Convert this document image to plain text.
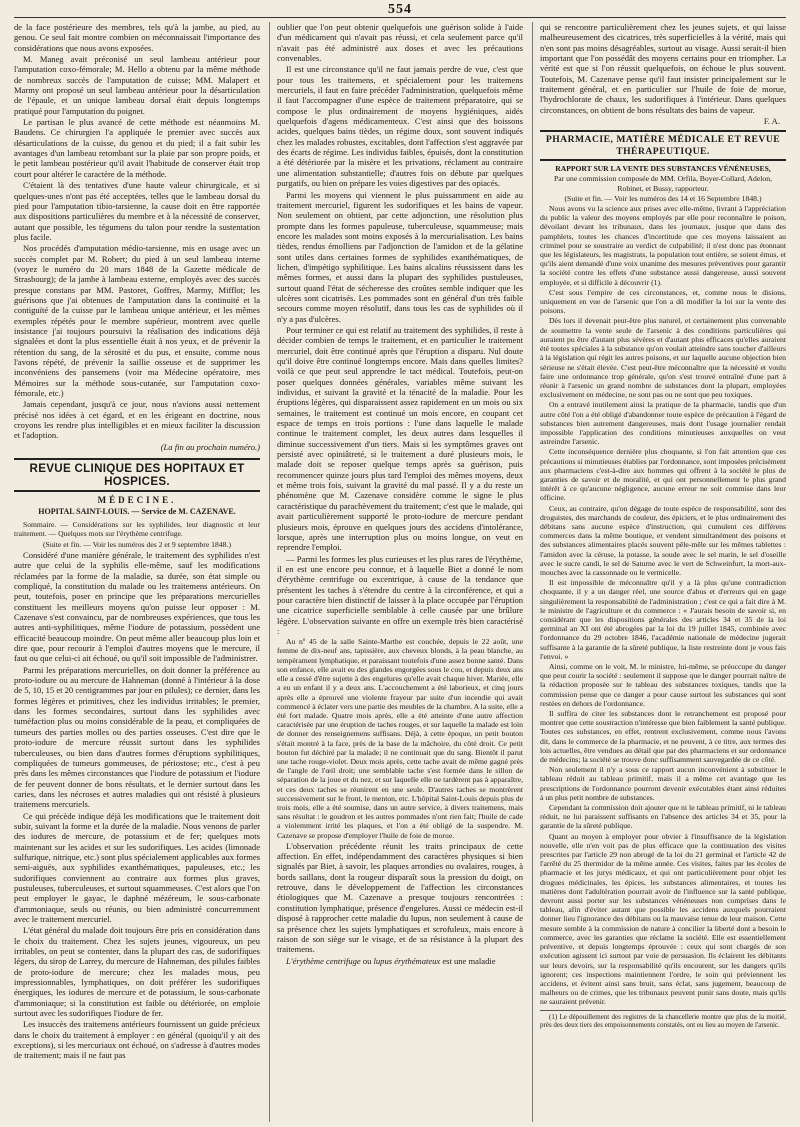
554

de la face postérieure des membres, tels qu'à la jambe, au pied, au genou. Ce seul fait montre combien on méconnaissait l'importance des considérations que nous avons exposées.

M. Maneg avait préconisé un seul lambeau antérieur pour l'amputation coxo-fémorale; M. Hello a obtenu par la même méthode de nombreux succès de l'amputation de cuisse; MM. Malapert et Marmy ont proposé un seul lambeau antérieur pour la désarticulation de l'épaule, et un unique lambeau dorsal était depuis longtemps pratiqué pour l'amputation du poignet.

Le partisan le plus avancé de cette méthode est néanmoins M. Baudens. Ce chirurgien l'a appliquée le premier avec succès aux désarticulations de la cuisse, du genou et du pied; il a fait subir les avantages d'un lambeau retombant sur la plaie par son propre poids, et le petit lambeau postérieur qu'il avait l'habitude de conserver était trop court pour altérer le caractère de la méthode.

C'étaient là des tentatives d'une haute valeur chirurgicale, et si quelques-unes n'ont pas été acceptées, telles que le lambeau dorsal du pied pour l'amputation tibio-tarsienne, la cause doit en être rapportée aux dispositions particulières du membre et à la nécessité de conserver, autant que possible, les tégumens du talon pour rendre la sustentation plus facile.

Nos procédés d'amputation médio-tarsienne, mis en usage avec un succès complet par M. Robert; du pied à un seul lambeau interne (voyez le numéro du 20 mars 1848 de la Gazette médicale de Strasbourg); de la jambe à lambeau externe, employés avec des succès presque constans par MM. Pastoret, Goffres, Marmy, Mifflot; les guérisons que j'ai obtenues de l'amputation dans la continuité et la contiguïté de la cuisse par le lambeau unique antérieur, et les mêmes exemples répétés pour le membre supérieur, montrent avec quelle insistance j'ai toujours poursuivi la réalisation des indications déjà signalées et dont la plus essentielle était à nos yeux, et de prévenir la rétention du sang, de la sérosité et du pus, et ensuite, comme nous l'avons répété, de prévenir la saillie osseuse et de supprimer les inconvéniens des pansemens (voir ma Médecine opératoire, mes Mémoires sur la méthode sous-cutanée, sur l'amputation coxo-fémorale, etc.)

Jamais cependant, jusqu'à ce jour, nous n'avions aussi nettement précisé nos idées à cet égard, et en les érigeant en doctrine, nous croyons les rendre plus intelligibles et en mieux faciliter la discussion et l'adoption.

(La fin au prochain numéro.)

REVUE CLINIQUE DES HOPITAUX ET HOSPICES.
MÉDECINE.
HOPITAL SAINT-LOUIS. — Service de M. CAZENAVE.

Sommaire. — Considérations sur les syphilides, leur diagnostic et leur traitement. — Quelques mots sur l'érythème centrifuge.

(Suite et fin. — Voir les numéros des 2 et 9 septembre 1848.)

Considéré d'une manière générale, le traitement des syphilides n'est autre que celui de la syphilis elle-même, sauf les modifications réclamées par la forme de la maladie, sa durée, son état simple ou compliqué, la constitution du malade ou les traitemens antérieurs. On peut, toutefois, poser en principe que les préparations mercurielles constituent les meilleurs moyens qu'on puisse leur opposer : M. Cazenave s'est convaincu, par de nombreuses expériences, que tous les autres anti-syphilitiques, même l'iodure de potassium, possèdent une efficacité beaucoup moindre. On peut même aller beaucoup plus loin et dire que, pour recourir à l'emploi d'autres moyens que le mercure, il faut ou que celui-ci ait échoué, ou qu'il soit impossible de l'administrer.

Parmi les préparations mercurielles, on doit donner la préférence au proto-iodure ou au mercure de Hahneman (donné à l'intérieur à la dose de 5, 10, 15 et 20 centigrammes par jour en pilules); ce dernier, dans les formes légères et primitives, chez les individus irritables; le premier, dans les formes secondaires, surtout dans les syphilides avec tuméfaction plus ou moins considérable de la peau, et compliquées de tumeurs des parties molles ou des parties osseuses. C'est dire que le proto-iodure de mercure réussit surtout dans les syphilides tuberculeuses, ou bien dans d'autres formes d'éruptions syphilitiques, compliquées de tumeurs gommeuses, de périostose; etc., c'est à peu près dans les mêmes circonstances que l'iodure de potassium et l'iodure de fer peuvent donner de bons résultats, et le dernier surtout dans les caries, dans les nécroses et autres maladies qui ont résisté à plusieurs traitemens mercuriels.

Ce qui précède indique déjà les modifications que le traitement doit subir, suivant la forme et la durée de la maladie. Nous venons de parler des iodures de mercure, de potassium et de fer; quelques mots maintenant sur les acides et sur les sudorifiques. Les acides (limonade sulfurique, nitrique, etc.) sont plus spécialement applicables aux formes semi-aiguës, aux syphilides exanthématiques, papuleuses, etc.; les sudorifiques conviennent au contraire aux formes plus graves, pustuleuses, tuberculeuses, et surtout squammeuses. C'est alors que l'on peut employer le gayac, le daphné mézéreum, le sous-carbonate d'ammoniaque, seuls ou réunis, ou bien administré concurremment avec le traitement mercuriel.

L'état général du malade doit toujours être pris en considération dans le choix du traitement. Chez les sujets jeunes, vigoureux, un peu irritables, on peut se contenter, dans la plupart des cas, de sudorifiques légers, du sirop de Larrey, du mercure de Hahneman, des pilules faibles de proto-iodure de mercure; chez les malades mous, peu impressionnables, lymphatiques, on doit préférer les sudorifiques énergiques, les iodures de mercure et de potassium, le sous-carbonate d'ammoniaque; si la constitution est faible ou détériorée, on emploie surtout avec les sudorifiques l'iodure de fer.

Les insuccès des traitemens antérieurs fournissent un guide précieux dans le choix du traitement à employer : en général (quoiqu'il y ait des exceptions), si les mercuriaux ont échoué, on s'adresse à d'autres modes de traitement; mais il ne faut pas

oublier que l'on peut obtenir quelquefois une guérison solide à l'aide d'un médicament qui n'avait pas réussi, et cela seulement parce qu'il n'avait pas été administré aux doses et avec les précautions convenables.

Il est une circonstance qu'il ne faut jamais perdre de vue, c'est que pour tous les traitemens, et spécialement pour les traitemens mercuriels, il faut en faire précéder l'administration, quelquefois même il faut l'accompagner d'une espèce de traitement préparatoire, qui se compose le plus ordinairement de moyens hygiéniques, aidés quelquefois d'agens médicamenteux. C'est ainsi que des boissons acides, quelques bains tièdes, un régime doux, sont souvent indiqués chez les malades robustes, excitables, dont l'affection s'est aggravée par des écarts de régime. Les individus faibles, épuisés, dont la constitution a été détériorée par la misère et les privations, réclament au contraire une alimentation substantielle; d'autres fois on débute par quelques purgatifs, ou bien on prépare les voies digestives par des opiacés.

Parmi les moyens qui viennent le plus puissamment en aide au traitement mercuriel, figurent les sudorifiques et les bains de vapeur. Non seulement on obtient, par cette adjonction, une résolution plus prompte dans les formes papuleuse, tuberculeuse, squammeuse; mais encore les malades sont moins exposés à la mercurialisation. Les bains tièdes, rendus émolliens par l'adjonction de l'amidon et de la gélatine sont utiles dans certaines formes de syphilides exanthématiques, de lichen, d'impétigo syphilitique. Les bains alcalins réussissent dans les mêmes formes, et aussi dans la plupart des syphilides pustuleuses, surtout quand l'état de sécheresse des croûtes semble indiquer que les ulcères sont cicatrisés. Les pommades sont en général d'un très faible secours comme moyen résolutif, dans tous les cas de syphilides où il n'y a pas d'ulcères.

Pour terminer ce qui est relatif au traitement des syphilides, il reste à décider combien de temps le traitement, et en particulier le traitement mercuriel, doit être continué après que l'éruption a disparu. Nul doute qu'il doive être continué longtemps encore. Mais dans quelles limites? voilà ce que peut seul apprendre le tact médical. Toutefois, peut-on poser quelques données générales, variables même suivant les individus, et suivant la gravité et la ténacité de la maladie. Pour les éruptions légères, qui disparaissent assez rapidement en un mois ou six semaines, le traitement est continué un mois encore, en coupant cet espace de temps en trois portions : l'une dans laquelle le malade continue le traitement complet, les deux autres dans lesquelles il diminue successivement d'un tiers. Mais si les symptômes graves ont persisté avec opiniâtreté, si le traitement a duré plusieurs mois, le malade doit se reposer quelque temps après sa guérison, puis recommencer quinze jours plus tard l'emploi des mêmes moyens, deux et même trois fois, suivant la gravité du mal passé. Il y a du reste un phénomène que M. Cazenave considère comme le signe le plus caractéristique du parachèvement du traitement; c'est que le malade, qui avait particulièrement supporté le proto-iodure de mercure pendant plusieurs mois, éprouve en quelques jours des accidens d'intolérance, lorsque, après une interruption plus ou moins longue, on veut en reprendre l'emploi.

— Parmi les formes les plus curieuses et les plus rares de l'érythème, il en est une encore peu connue, et à laquelle Biet a donné le nom d'érythème centrifuge ou excentrique, à cause de la tendance que présentent les taches à s'étendre du centre à la circonférence, et qui a pour caractère bien distinctif de laisser à la place occupée par l'éruption une cicatrice superficielle semblable à celle causée par une brûlure légère. L'observation suivante en offre un exemple très bien caractérisé :

Au nº 45 de la salle Sainte-Marthe est couchée, depuis le 22 août, une femme de dix-neuf ans, tapissière, aux cheveux blonds, à la peau blanche, au tempérament lymphatique, et paraissant toutefois d'une assez bonne santé. Dans son enfance, elle avait eu des glandes engorgées sous le cou, et depuis deux ans elle a cessé d'être sujette à des engelures qu'elle avait chaque hiver. Mariée, elle a eu un enfant il y a deux ans. L'accouchement a été laborieux, et cinq jours après elle a éprouvé une violente frayeur par suite d'un incendie qui avait commencé à éclater vers une partie des meubles de la chambre. A la suite, elle a été fort malade. Quatre mois après, elle a été atteinte d'une autre affection caractérisée par une éruption de taches rouges, et sur laquelle la malade est loin de donner des renseignemens suffisans. Déjà, à cette époque, un petit bouton s'était montré à la face, près de la base de la mâchoire, du côté droit. Ce petit bouton fut déchiré par la malade; il ne continuait que du sang. Bientôt il parut une tache rouge-violet. Deux mois après, cette tache avait de même gagné près de l'angle de l'œil droit; une semblable tache s'est formée dans le sillon de séparation de la joue et du nez, et sur laquelle elle ne tardèrent pas à apparaître, et ces deux taches se réunirent en une seule. D'autres taches se montrèrent successivement sur le front, le menton, etc. L'hôpital Saint-Louis depuis plus de trois mois, elle a été soumise, dans un autre service, à divers traitemens, mais sans résultat : le goudron et les autres pommades n'ont rien fait; l'huile de cade a violemment irrité les plaques, et l'on a été obligé de la suspendre. M. Cazenave se propose d'employer l'huile de foie de morue.

L'observation précédente réunit les traits principaux de cette affection. En effet, indépendamment des caractères physiques si bien signalés par Biet, à savoir, les plaques arrondies ou ovalaires, rouges, à bords saillans, dont la rougeur disparaît sous la pression du doigt, on retrouve, dans le développement de l'affection les circonstances étiologiques que M. Cazenave a presque toujours rencontrées : constitution lymphatique, présence d'engelures. Aussi ce médecin est-il disposé à rapprocher cette maladie du lupus, non seulement à cause de sa présence chez les sujets lymphatiques et scrofuleux, mais encore à raison de son siège sur le visage, et de sa résistance à la plupart des traitemens.

L'érythème centrifuge ou lupus érythémateux est une maladie

qui se rencontre particulièrement chez les jeunes sujets, et qui laisse malheureusement des cicatrices, très superficielles à la vérité, mais qui n'en sont pas moins désagréables, surtout au visage. Aussi serait-il bien important que l'on possédât des moyens certains pour en triompher. La vérité est que si l'on réussit quelquefois, on échoue le plus souvent. Toutefois, M. Cazenave pense qu'il faut insister principalement sur le traitement général, et en particulier sur l'huile de foie de morue, l'hydrochlorate de chaux, les sudorifiques à l'intérieur. Dans quelques circonstances, on obtient de bons résultats des bains de vapeur.

F. A.

PHARMACIE, MATIÈRE MÉDICALE ET REVUE THÉRAPEUTIQUE.
RAPPORT SUR LA VENTE DES SUBSTANCES VÉNÉNEUSES,

Par une commission composée de MM. Orfila, Boyer-Collard, Adelon, Robinet, et Bussy, rapporteur.

(Suite et fin. — Voir les numéros des 14 et 16 Septembre 1848.)

Nous avons vu la science aux prises avec elle-même, livrant à l'appréciation du public la valeur des moyens employés par elle pour reconnaître le poison, dévoilant devant les tribunaux, dans les journaux, jusque que dans des pamphlets, toutes les chances d'incertitude que ces moyens laissaient au criminel pour se soustraire au verdict de culpabilité; il n'est donc pas étonnant que les législateurs, les magistrats, la population tout entière, se soient émus, et qu'ils aient demandé d'une voix unanime des mesures préventives pour garantir la société contre les effets d'une substance aussi dangereuse, aussi souvent employée, et si difficile à découvrir (1).

C'est sous l'empire de ces circonstances, et, comme nous le disions, uniquement en vue de l'arsenic que l'on a dû modifier la loi sur la vente des poisons.

Dès lors il devenait peut-être plus naturel, et certainement plus convenable de soumettre la vente seule de l'arsenic à des conditions particulières qui auraient pu être d'autant plus sévères et d'autant plus efficaces qu'elles auraient été toutes spéciales à la substance qu'on voulait atteindre sans toucher d'ailleurs à la législation qui régit les autres poisons, et sur laquelle aucune objection bien sérieuse ne s'était élevée. C'est peut-être méconnaître que la nécessité et voulu faire une ordonnance trop générale, qu'on s'est trouvé entraîné d'une part à réunir à l'arsenic un grand nombre de substances dont la plupart, employées exclusivement en médecine, ne sont pas ou ne sont que peu toxiques.

On a entravé inutilement ainsi la pratique de la pharmacie, tandis que d'un autre côté l'on a été obligé d'abandonner toute espèce de précaution à l'égard de substances bien autrement dangereuses, mais dont l'usage journalier rendait impossible l'application des conditions minutieuses auxquelles on veut astreindre l'arsenic.

Cette inconséquence dernière plus choquante, si l'on fait attention que ces précautions si minutieuses établies par l'ordonnance, sont imposées précisément aux pharmaciens c'est-à-dire aux hommes qui offrent à la société le plus de garanties de savoir et de moralité, et qui ont personnellement le plus grand intérêt à ce qu'aucune négligence, aucune erreur ne soit commise dans leur officine.

Ceux, au contraire, qu'on dégage de toute espèce de responsabilité, sont des droguistes, des marchands de couleur, des épiciers, et le plus ordinairement des débitans sans aucune espèce d'instruction, qui cumulent ces différens commerces dans la même boutique, et vendent simultanément des poisons et des substances alimentaires placés souvent pêle-mêle sur les mêmes tablettes : l'amidon avec la céruse, la potasse, la soude avec le sel marin, le sel d'oseille avec le sucre candi, le sel de Saturne avec le vert de Schweinfurt, la mort-aux-mouches avec la cassonnade ou le vermicelle.

Il est impossible de méconnaître qu'il y a là plus qu'une contradiction choquante, il y a un danger réel, une source d'abus et d'erreurs qui en gage singulièrement la responsabilité de l'administration ; c'est ce qui a fait dire à M. le ministre de l'agriculture et du commerce : « J'aurais besoin de savoir si, en considérant que les dispositions générales des articles 34 et 35 de la loi germinal an XI ont été abrogées par la loi du 19 juillet 1845, combinée avec l'ordonnance du 29 octobre 1846, l'académie nationale de médecine jugerait suffisante à la garantie de la sûreté publique, la liste restreinte dont je vous fais l'envoi. »

Ainsi, comme on le voit, M. le ministre, lui-même, se préoccupe du danger que peut courir la société : seulement il suppose que le danger pourrait naître de la rédaction proposée sur le tableau des substances toxiques, tandis que la commission pense que ce danger a pour cause surtout les substances qui sont restées en dehors de l'ordonnance.

Il suffira de citer les substances dont le retranchement est proposé pour montrer que cette soustraction n'intéresse que bien faiblement la santé publique. Toutes ces substances, en effet, rentrent exclusivement, comme nous l'avons dit, dans le commerce de la pharmacie, et ne peuvent, à ce titre, aux termes des lois actuelles, être vendues au détail que par des pharmaciens et sur ordonnance de médecins; la société se trouve donc suffisamment sauvegardée de ce côté.

Non seulement il n'y a sous ce rapport aucun inconvénient à substituer le tableau réduit au tableau primitif, mais il a même cet avantage que les prescriptions de l'ordonnance pourront devenir exécutables étant ainsi réduites à un plus petit nombre de substances.

Cependant la commission doit ajouter que ni le tableau primitif, ni le tableau réduit, ne lui paraissent suffisants en l'absence des articles 34 et 35, pour la garantie de la sûreté publique.

Quant au moyen à employer pour obvier à l'insuffisance de la législation nouvelle, elle n'en voit pas de plus efficace que la continuation des visites prescrites par l'article 29 non abrogé de la loi du 21 germinal et l'article 42 de l'arrêté du 25 thermidor de la même année. Ces visites, faites par les écoles de pharmacie et les jurys médicaux, et qui ont particulièrement pour objet les drogues médicinales, les épices, les substances alimentaires, et toutes les matières dont l'adultération pourrait avoir de l'influence sur la santé publique, devront aussi porter sur les substances vénéneuses non comprises dans le tableau, afin d'éviter autant que possible les accidens auxquels pourraient donner lieu l'ignorance des débitans ou la mauvaise tenue de leur maison. Cette mesure semble à la commission de nature à concilier la liberté dont a besoin le commerce, avec les garanties que réclame la société. Elle est essentiellement préventive, et depuis longtemps éprouvée : ceux qui sont chargés de son exécution agissent ici surtout par voie de persuasion. Ils éclairent les débitants sur leurs devoirs, sur la responsabilité qu'ils encourent, sur les dangers qu'ils ignorent; ces inspections maintiennent l'ordre, le soin qui préviennent les accidens, et évitent ainsi sans bruit, sans éclat, sans jugement, beaucoup de malheurs ou de crimes, que les tribunaux peuvent punir sans doute, mais qu'ils ne sauraient prévenir.

(1) Le dépouillement des registres de la chancellerie montre que plus de la moitié, près des deux tiers des empoisonnements constatés, ont eu lieu au moyen de l'arsenic.
